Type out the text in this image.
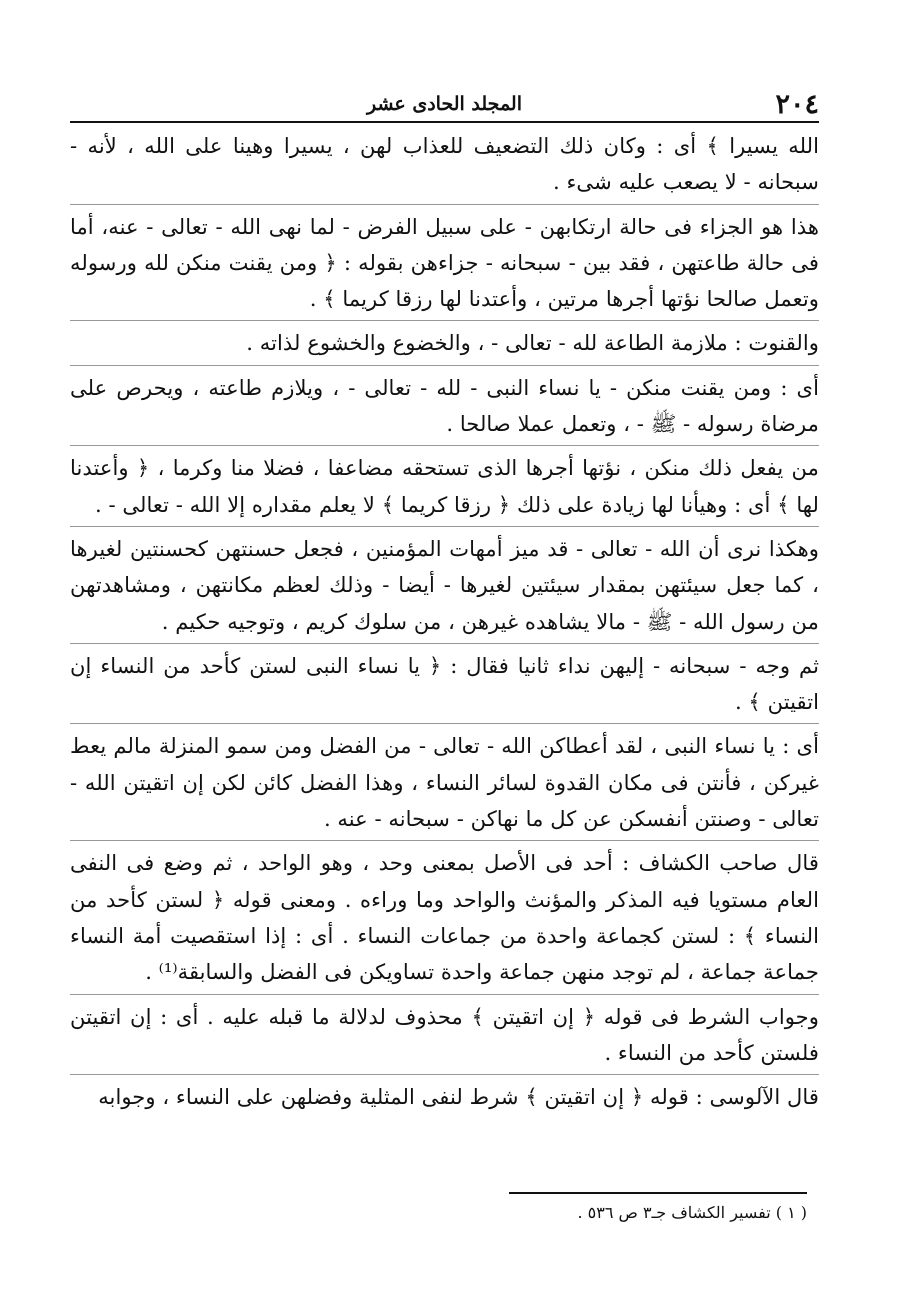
٢٠٤
المجلد الحادى عشر

الله يسيرا ﴾ أى : وكان ذلك التضعيف للعذاب لهن ، يسيرا وهينا على الله ، لأنه - سبحانه - لا يصعب عليه شىء .

هذا هو الجزاء فى حالة ارتكابهن - على سبيل الفرض - لما نهى الله - تعالى - عنه، أما فى حالة طاعتهن ، فقد بين - سبحانه - جزاءهن بقوله : ﴿ ومن يقنت منكن لله ورسوله وتعمل صالحا نؤتها أجرها مرتين ، وأعتدنا لها رزقا كريما ﴾ .

والقنوت : ملازمة الطاعة لله - تعالى - ، والخضوع والخشوع لذاته .

أى : ومن يقنت منكن - يا نساء النبى - لله - تعالى - ، ويلازم طاعته ، ويحرص على مرضاة رسوله - ﷺ - ، وتعمل عملا صالحا .

من يفعل ذلك منكن ، نؤتها أجرها الذى تستحقه مضاعفا ، فضلا منا وكرما ، ﴿ وأعتدنا لها ﴾ أى : وهيأنا لها زيادة على ذلك ﴿ رزقا كريما ﴾ لا يعلم مقداره إلا الله - تعالى - .

وهكذا نرى أن الله - تعالى - قد ميز أمهات المؤمنين ، فجعل حسنتهن كحسنتين لغيرها ، كما جعل سيئتهن بمقدار سيئتين لغيرها - أيضا - وذلك لعظم مكانتهن ، ومشاهدتهن من رسول الله - ﷺ - مالا يشاهده غيرهن ، من سلوك كريم ، وتوجيه حكيم .

ثم وجه - سبحانه - إليهن نداء ثانيا فقال : ﴿ يا نساء النبى لستن كأحد من النساء إن اتقيتن ﴾ .

أى : يا نساء النبى ، لقد أعطاكن الله - تعالى - من الفضل ومن سمو المنزلة مالم يعط غيركن ، فأنتن فى مكان القدوة لسائر النساء ، وهذا الفضل كائن لكن إن اتقيتن الله - تعالى - وصنتن أنفسكن عن كل ما نهاكن - سبحانه - عنه .

قال صاحب الكشاف : أحد فى الأصل بمعنى وحد ، وهو الواحد ، ثم وضع فى النفى العام مستويا فيه المذكر والمؤنث والواحد وما وراءه . ومعنى قوله ﴿ لستن كأحد من النساء ﴾ : لستن كجماعة واحدة من جماعات النساء . أى : إذا استقصيت أمة النساء جماعة جماعة ، لم توجد منهن جماعة واحدة تساويكن فى الفضل والسابقة⁽¹⁾ .

وجواب الشرط فى قوله ﴿ إن اتقيتن ﴾ محذوف لدلالة ما قبله عليه . أى : إن اتقيتن فلستن كأحد من النساء .

قال الآلوسى : قوله ﴿ إن اتقيتن ﴾ شرط لنفى المثلية وفضلهن على النساء ، وجوابه

( ١ ) تفسير الكشاف جـ٣ ص ٥٣٦ .
